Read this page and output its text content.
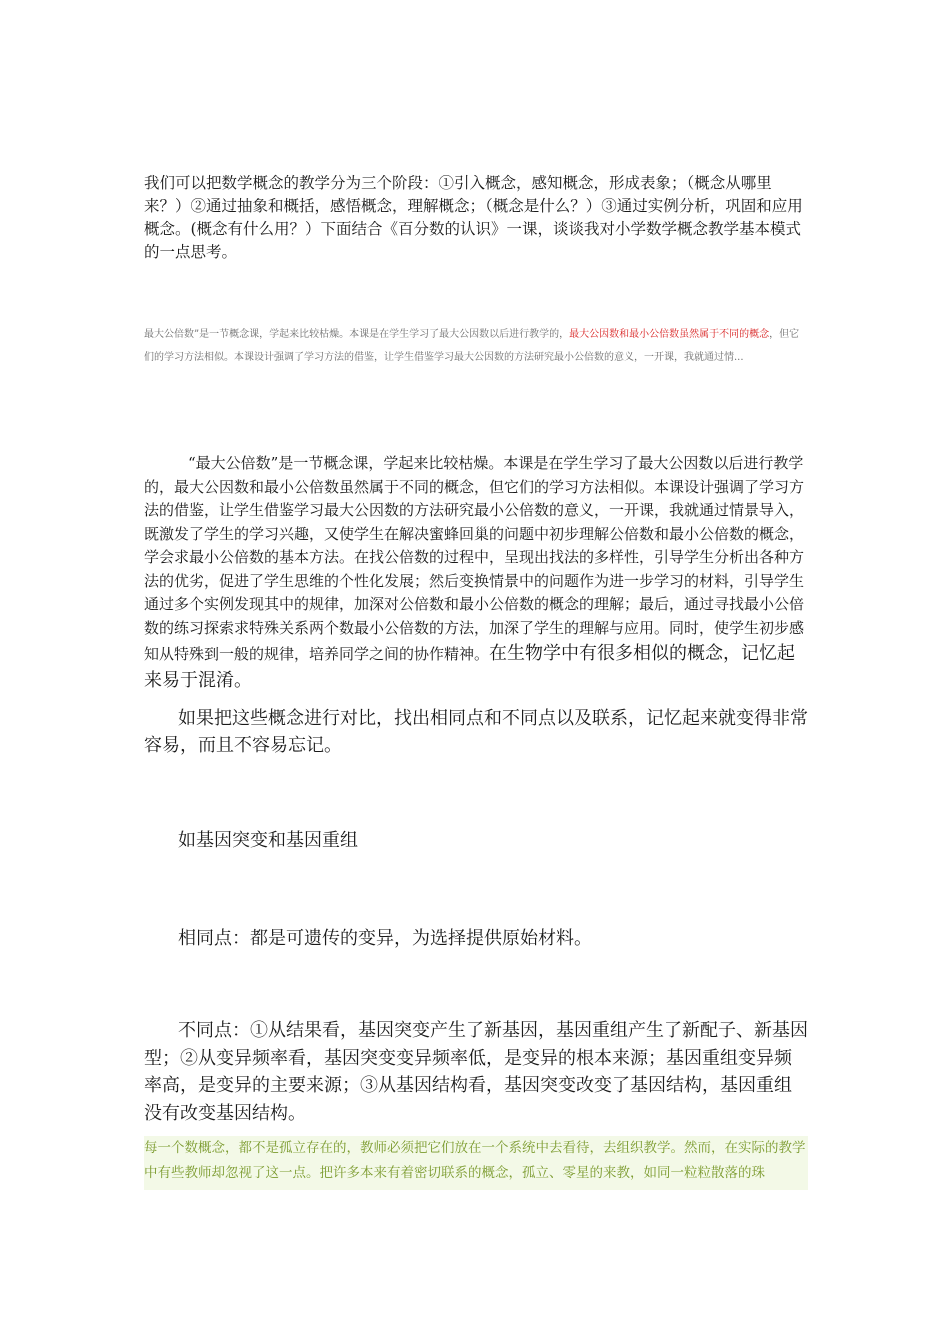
我们可以把数学概念的教学分为三个阶段：①引入概念，感知概念，形成表象；（概念从哪里来？）②通过抽象和概括，感悟概念，理解概念；（概念是什么？）③通过实例分析，巩固和应用概念。(概念有什么用？）下面结合《百分数的认识》一课，谈谈我对小学数学概念教学基本模式的一点思考。

最大公倍数”是一节概念课，学起来比较枯燥。本课是在学生学习了最大公因数以后进行教学的，最大公因数和最小公倍数虽然属于不同的概念，但它们的学习方法相似。本课设计强调了学习方法的借鉴，让学生借鉴学习最大公因数的方法研究最小公倍数的意义，一开课，我就通过情...

“最大公倍数”是一节概念课，学起来比较枯燥。本课是在学生学习了最大公因数以后进行教学的，最大公因数和最小公倍数虽然属于不同的概念，但它们的学习方法相似。本课设计强调了学习方法的借鉴，让学生借鉴学习最大公因数的方法研究最小公倍数的意义，一开课，我就通过情景导入，既激发了学生的学习兴趣，又使学生在解决蜜蜂回巢的问题中初步理解公倍数和最小公倍数的概念，学会求最小公倍数的基本方法。在找公倍数的过程中，呈现出找法的多样性，引导学生分析出各种方法的优劣，促进了学生思维的个性化发展；然后变换情景中的问题作为进一步学习的材料，引导学生通过多个实例发现其中的规律，加深对公倍数和最小公倍数的概念的理解；最后，通过寻找最小公倍数的练习探索求特殊关系两个数最小公倍数的方法，加深了学生的理解与应用。同时，使学生初步感知从特殊到一般的规律，培养同学之间的协作精神。在生物学中有很多相似的概念，记忆起来易于混淆。

如果把这些概念进行对比，找出相同点和不同点以及联系，记忆起来就变得非常容易，而且不容易忘记。

如基因突变和基因重组

相同点：都是可遗传的变异，为选择提供原始材料。

不同点：①从结果看，基因突变产生了新基因，基因重组产生了新配子、新基因型；②从变异频率看，基因突变变异频率低，是变异的根本来源；基因重组变异频率高，是变异的主要来源；③从基因结构看，基因突变改变了基因结构，基因重组没有改变基因结构。

每一个数概念，都不是孤立存在的，教师必须把它们放在一个系统中去看待，去组织教学。然而，在实际的教学中有些教师却忽视了这一点。把许多本来有着密切联系的概念，孤立、零星的来教，如同一粒粒散落的珠
